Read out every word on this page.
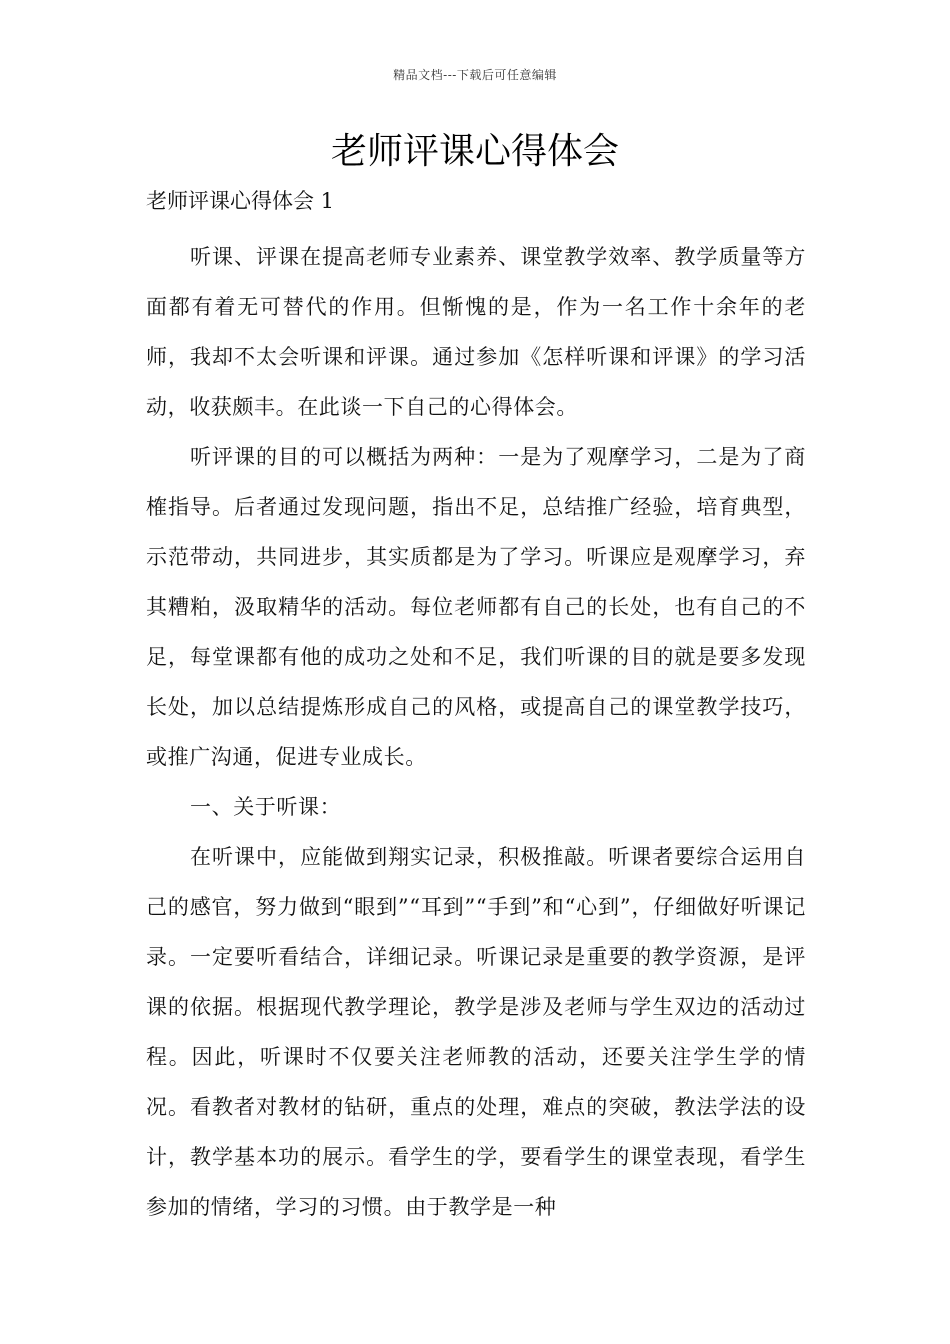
精品文档---下载后可任意编辑
老师评课心得体会

老师评课心得体会 1

听课、评课在提高老师专业素养、课堂教学效率、教学质量等方面都有着无可替代的作用。但惭愧的是，作为一名工作十余年的老师，我却不太会听课和评课。通过参加《怎样听课和评课》的学习活动，收获颇丰。在此谈一下自己的心得体会。

听评课的目的可以概括为两种：一是为了观摩学习，二是为了商榷指导。后者通过发现问题，指出不足，总结推广经验，培育典型，示范带动，共同进步，其实质都是为了学习。听课应是观摩学习，弃其糟粕，汲取精华的活动。每位老师都有自己的长处，也有自己的不足，每堂课都有他的成功之处和不足，我们听课的目的就是要多发现长处，加以总结提炼形成自己的风格，或提高自己的课堂教学技巧，或推广沟通，促进专业成长。

一、关于听课：

在听课中，应能做到翔实记录，积极推敲。听课者要综合运用自己的感官，努力做到“眼到”“耳到”“手到”和“心到”，仔细做好听课记录。一定要听看结合，详细记录。听课记录是重要的教学资源，是评课的依据。根据现代教学理论，教学是涉及老师与学生双边的活动过程。因此，听课时不仅要关注老师教的活动，还要关注学生学的情况。看教者对教材的钻研，重点的处理，难点的突破，教法学法的设计，教学基本功的展示。看学生的学，要看学生的课堂表现，看学生参加的情绪，学习的习惯。由于教学是一种
